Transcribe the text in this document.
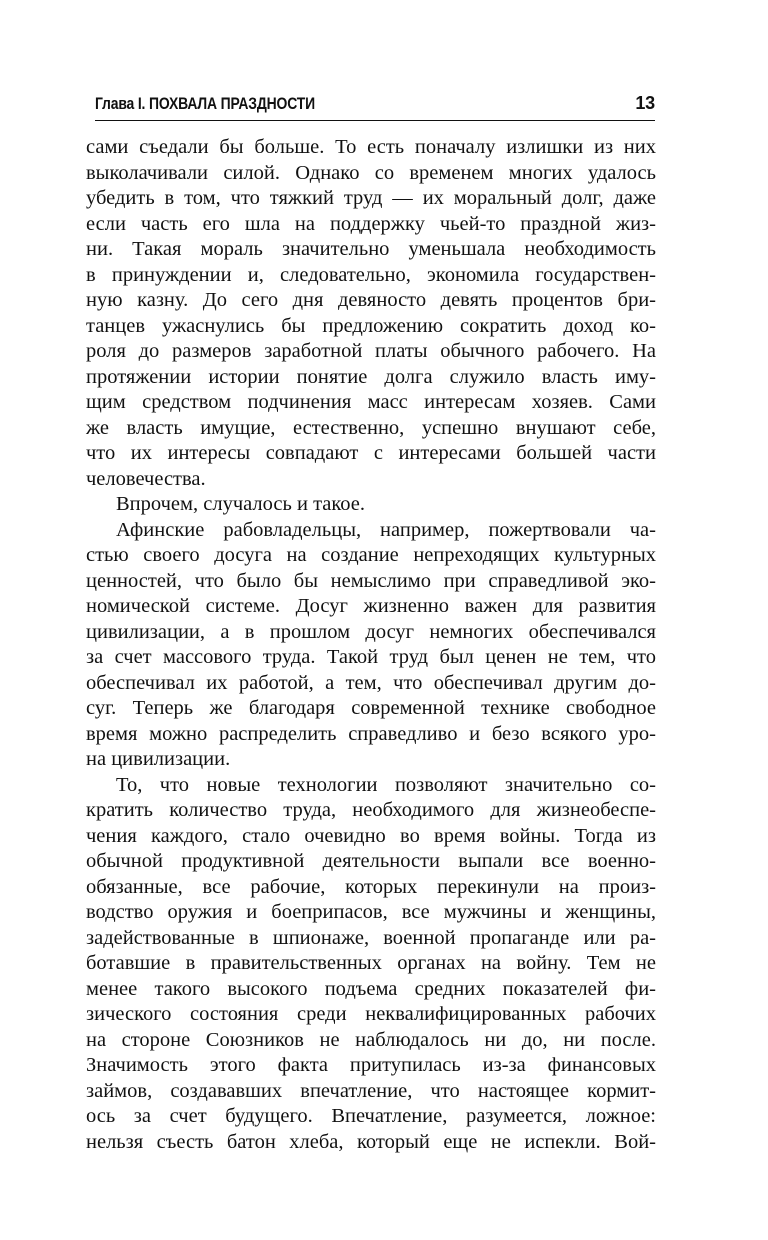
Глава I. ПОХВАЛА ПРАЗДНОСТИ	13
сами съедали бы больше. То есть поначалу излишки из них
выколачивали силой. Однако со временем многих удалось
убедить в том, что тяжкий труд — их моральный долг, даже
если часть его шла на поддержку чьей-то праздной жиз-
ни. Такая мораль значительно уменьшала необходимость
в принуждении и, следовательно, экономила государствен-
ную казну. До сего дня девяносто девять процентов бри-
танцев ужаснулись бы предложению сократить доход ко-
роля до размеров заработной платы обычного рабочего. На
протяжении истории понятие долга служило власть иму-
щим средством подчинения масс интересам хозяев. Сами
же власть имущие, естественно, успешно внушают себе,
что их интересы совпадают с интересами большей части
человечества.
Впрочем, случалось и такое.
Афинские рабовладельцы, например, пожертвовали ча-
стью своего досуга на создание непреходящих культурных
ценностей, что было бы немыслимо при справедливой эко-
номической системе. Досуг жизненно важен для развития
цивилизации, а в прошлом досуг немногих обеспечивался
за счет массового труда. Такой труд был ценен не тем, что
обеспечивал их работой, а тем, что обеспечивал другим до-
суг. Теперь же благодаря современной технике свободное
время можно распределить справедливо и безо всякого уро-
на цивилизации.
То, что новые технологии позволяют значительно со-
кратить количество труда, необходимого для жизнеобеспе-
чения каждого, стало очевидно во время войны. Тогда из
обычной продуктивной деятельности выпали все военно-
обязанные, все рабочие, которых перекинули на произ-
водство оружия и боеприпасов, все мужчины и женщины,
задействованные в шпионаже, военной пропаганде или ра-
ботавшие в правительственных органах на войну. Тем не
менее такого высокого подъема средних показателей фи-
зического состояния среди неквалифицированных рабочих
на стороне Союзников не наблюдалось ни до, ни после.
Значимость этого факта притупилась из-за финансовых
займов, создававших впечатление, что настоящее кормит-
ось за счет будущего. Впечатление, разумеется, ложное:
нельзя съесть батон хлеба, который еще не испекли. Вой-
